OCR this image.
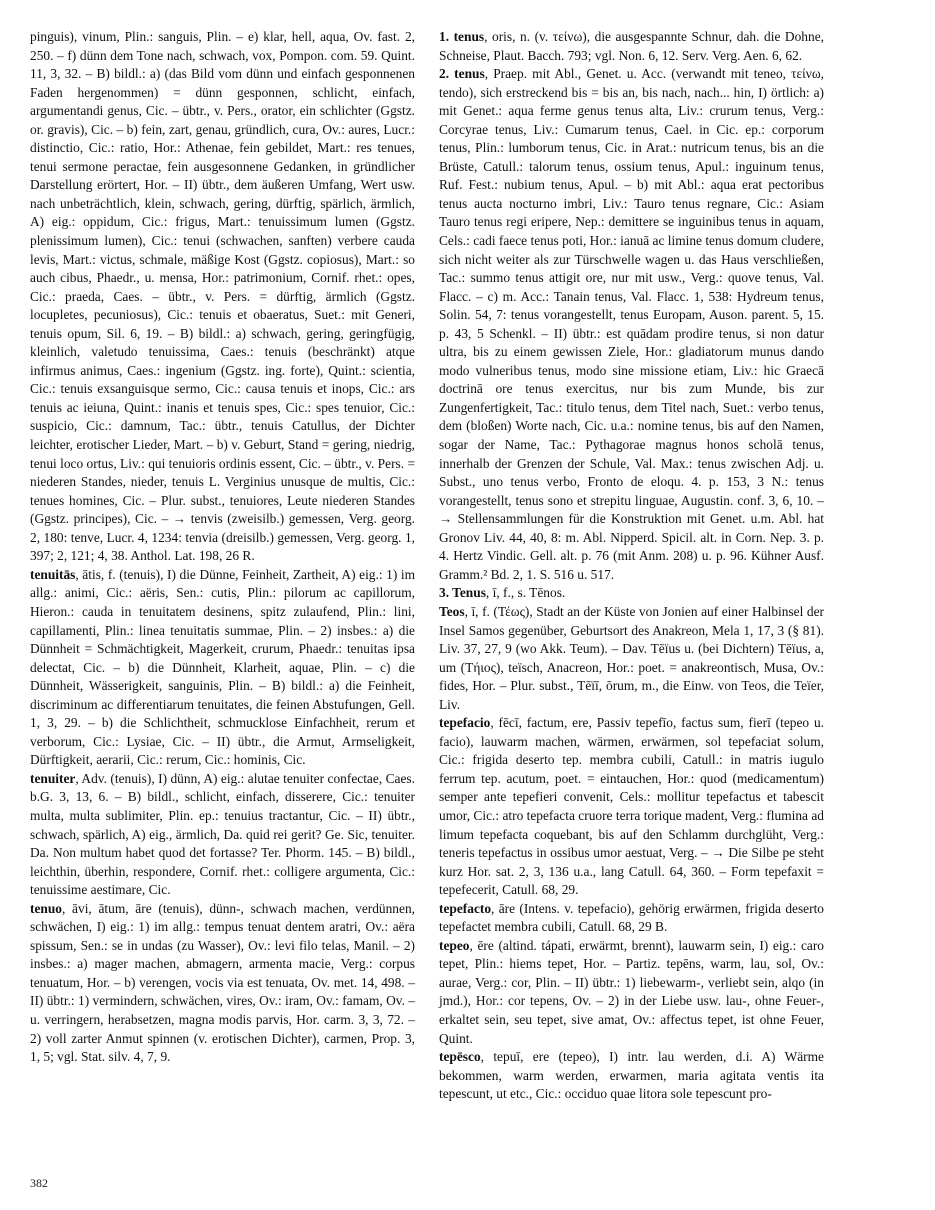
pinguis), vinum, Plin.: sanguis, Plin. – e) klar, hell, aqua, Ov. fast. 2, 250. – f) dünn dem Tone nach, schwach, vox, Pompon. com. 59. Quint. 11, 3, 32. – B) bildl.: a) (das Bild vom dünn und einfach gesponnenen Faden hergenommen) = dünn gesponnen, schlicht, einfach, argumentandi genus, Cic. – übtr., v. Pers., orator, ein schlichter (Ggstz. or. gravis), Cic. – b) fein, zart, genau, gründlich, cura, Ov.: aures, Lucr.: distinctio, Cic.: ratio, Hor.: Athenae, fein gebildet, Mart.: res tenues, tenui sermone peractae, fein ausgesonnene Gedanken, in gründlicher Darstellung erörtert, Hor. – II) übtr., dem äußeren Umfang, Wert usw. nach unbeträchtlich, klein, schwach, gering, dürftig, spärlich, ärmlich, A) eig.: oppidum, Cic.: frigus, Mart.: tenuissimum lumen (Ggstz. plenissimum lumen), Cic.: tenui (schwachen, sanften) verbere cauda levis, Mart.: victus, schmale, mäßige Kost (Ggstz. copiosus), Mart.: so auch cibus, Phaedr., u. mensa, Hor.: patrimonium, Cornif. rhet.: opes, Cic.: praeda, Caes. – übtr., v. Pers. = dürftig, ärmlich (Ggstz. locupletes, pecuniosus), Cic.: tenuis et obaeratus, Suet.: mit Generi, tenuis opum, Sil. 6, 19. – B) bildl.: a) schwach, gering, geringfügig, kleinlich, valetudo tenuissima, Caes.: tenuis (beschränkt) atque infirmus animus, Caes.: ingenium (Ggstz. ing. forte), Quint.: scientia, Cic.: tenuis exsanguisque sermo, Cic.: causa tenuis et inops, Cic.: ars tenuis ac ieiuna, Quint.: inanis et tenuis spes, Cic.: spes tenuior, Cic.: suspicio, Cic.: damnum, Tac.: übtr., tenuis Catullus, der Dichter leichter, erotischer Lieder, Mart. – b) v. Geburt, Stand = gering, niedrig, tenui loco ortus, Liv.: qui tenuioris ordinis essent, Cic. – übtr., v. Pers. = niederen Standes, nieder, tenuis L. Verginius unusque de multis, Cic.: tenues homines, Cic. – Plur. subst., tenuiores, Leute niederen Standes (Ggstz. principes), Cic. – → tenvis (zweisilb.) gemessen, Verg. georg. 2, 180: tenve, Lucr. 4, 1234: tenvia (dreisilb.) gemessen, Verg. georg. 1, 397; 2, 121; 4, 38. Anthol. Lat. 198, 26 R.

tenuitās, ātis, f. (tenuis), I) die Dünne, Feinheit, Zartheit, A) eig.: 1) im allg.: animi, Cic.: aëris, Sen.: cutis, Plin.: pilorum ac capillorum, Hieron.: cauda in tenuitatem desinens, spitz zulaufend, Plin.: lini, capillamenti, Plin.: linea tenuitatis summae, Plin. – 2) insbes.: a) die Dünnheit = Schmächtigkeit, Magerkeit, crurum, Phaedr.: tenuitas ipsa delectat, Cic. – b) die Dünnheit, Klarheit, aquae, Plin. – c) die Dünnheit, Wässerigkeit, sanguinis, Plin. – B) bildl.: a) die Feinheit, discriminum ac differentiarum tenuitates, die feinen Abstufungen, Gell. 1, 3, 29. – b) die Schlichtheit, schmucklose Einfachheit, rerum et verborum, Cic.: Lysiae, Cic. – II) übtr., die Armut, Armseligkeit, Dürftigkeit, aerarii, Cic.: rerum, Cic.: hominis, Cic.

tenuiter, Adv. (tenuis), I) dünn, A) eig.: alutae tenuiter confectae, Caes. b.G. 3, 13, 6. – B) bildl., schlicht, einfach, disserere, Cic.: tenuiter multa, multa sublimiter, Plin. ep.: tenuius tractantur, Cic. – II) übtr., schwach, spärlich, A) eig., ärmlich, Da. quid rei gerit? Ge. Sic, tenuiter. Da. Non multum habet quod det fortasse? Ter. Phorm. 145. – B) bildl., leichthin, überhin, respondere, Cornif. rhet.: colligere argumenta, Cic.: tenuissime aestimare, Cic.

tenuo, āvi, ātum, āre (tenuis), dünn-, schwach machen, verdünnen, schwächen, I) eig.: 1) im allg.: tempus tenuat dentem aratri, Ov.: aëra spissum, Sen.: se in undas (zu Wasser), Ov.: levi filo telas, Manil. – 2) insbes.: a) mager machen, abmagern, armenta macie, Verg.: corpus tenuatum, Hor. – b) verengen, vocis via est tenuata, Ov. met. 14, 498. – II) übtr.: 1) vermindern, schwächen, vires, Ov.: iram, Ov.: famam, Ov. – u. verringern, herabsetzen, magna modis parvis, Hor. carm. 3, 3, 72. – 2) voll zarter Anmut spinnen (v. erotischen Dichter), carmen, Prop. 3, 1, 5; vgl. Stat. silv. 4, 7, 9.

1. tenus, oris, n. (v. τείνω), die ausgespannte Schnur, dah. die Dohne, Schneise, Plaut. Bacch. 793; vgl. Non. 6, 12. Serv. Verg. Aen. 6, 62.

2. tenus, Praep. mit Abl., Genet. u. Acc. (verwandt mit teneo, τείνω, tendo), sich erstreckend bis = bis an, bis nach, nach... hin, I) örtlich: a) mit Genet.: aqua ferme genus tenus alta, Liv.: crurum tenus, Verg.: Corcyrae tenus, Liv.: Cumarum tenus, Cael. in Cic. ep.: corporum tenus, Plin.: lumborum tenus, Cic. in Arat.: nutricum tenus, bis an die Brüste, Catull.: talorum tenus, ossium tenus, Apul.: inguinum tenus, Ruf. Fest.: nubium tenus, Apul. – b) mit Abl.: aqua erat pectoribus tenus aucta nocturno imbri, Liv.: Tauro tenus regnare, Cic.: Asiam Tauro tenus regi eripere, Nep.: demittere se inguinibus tenus in aquam, Cels.: cadi faece tenus poti, Hor.: ianuā ac limine tenus domum cludere, sich nicht weiter als zur Türschwelle wagen u. das Haus verschließen, Tac.: summo tenus attigit ore, nur mit usw., Verg.: quove tenus, Val. Flacc. – c) m. Acc.: Tanain tenus, Val. Flacc. 1, 538: Hydreum tenus, Solin. 54, 7: tenus vorangestellt, tenus Europam, Auson. parent. 5, 15. p. 43, 5 Schenkl. – II) übtr.: est quādam prodire tenus, si non datur ultra, bis zu einem gewissen Ziele, Hor.: gladiatorum munus dando modo vulneribus tenus, modo sine missione etiam, Liv.: hic Graecā doctrinā ore tenus exercitus, nur bis zum Munde, bis zur Zungenfertigkeit, Tac.: titulo tenus, dem Titel nach, Suet.: verbo tenus, dem (bloßen) Worte nach, Cic. u.a.: nomine tenus, bis auf den Namen, sogar der Name, Tac.: Pythagorae magnus honos scholā tenus, innerhalb der Grenzen der Schule, Val. Max.: tenus zwischen Adj. u. Subst., uno tenus verbo, Fronto de eloqu. 4. p. 153, 3 N.: tenus vorangestellt, tenus sono et strepitu linguae, Augustin. conf. 3, 6, 10. – → Stellensammlungen für die Konstruktion mit Genet. u.m. Abl. hat Gronov Liv. 44, 40, 8: m. Abl. Nipperd. Spicil. alt. in Corn. Nep. 3. p. 4. Hertz Vindic. Gell. alt. p. 76 (mit Anm. 208) u. p. 96. Kühner Ausf. Gramm.² Bd. 2, 1. S. 516 u. 517.

3. Tenus, ī, f., s. Tēnos.

Teos, ī, f. (Τέως), Stadt an der Küste von Jonien auf einer Halbinsel der Insel Samos gegenüber, Geburtsort des Anakreon, Mela 1, 17, 3 (§ 81). Liv. 37, 27, 9 (wo Akk. Teum). – Dav. Tēïus u. (bei Dichtern) Tēïus, a, um (Τήιος), teïsch, Anacreon, Hor.: poet. = anakreontisch, Musa, Ov.: fides, Hor. – Plur. subst., Tēïī, ōrum, m., die Einw. von Teos, die Teïer, Liv.

tepefacio, fēcī, factum, ere, Passiv tepefīo, factus sum, fierī (tepeo u. facio), lauwarm machen, wärmen, erwärmen, sol tepefaciat solum, Cic.: frigida deserto tep. membra cubili, Catull.: in matris iugulo ferrum tep. acutum, poet. = eintauchen, Hor.: quod (medicamentum) semper ante tepefieri convenit, Cels.: mollitur tepefactus et tabescit umor, Cic.: atro tepefacta cruore terra torique madent, Verg.: flumina ad limum tepefacta coquebant, bis auf den Schlamm durchglüht, Verg.: teneris tepefactus in ossibus umor aestuat, Verg. – → Die Silbe pe steht kurz Hor. sat. 2, 3, 136 u.a., lang Catull. 64, 360. – Form tepefaxit = tepefecerit, Catull. 68, 29.

tepefacto, āre (Intens. v. tepefacio), gehörig erwärmen, frigida deserto tepefactet membra cubili, Catull. 68, 29 B.

tepeo, ēre (altind. tápati, erwärmt, brennt), lauwarm sein, I) eig.: caro tepet, Plin.: hiems tepet, Hor. – Partiz. tepēns, warm, lau, sol, Ov.: aurae, Verg.: cor, Plin. – II) übtr.: 1) liebewarm-, verliebt sein, alqo (in jmd.), Hor.: cor tepens, Ov. – 2) in der Liebe usw. lau-, ohne Feuer-, erkaltet sein, seu tepet, sive amat, Ov.: affectus tepet, ist ohne Feuer, Quint.

tepēsco, tepuī, ere (tepeo), I) intr. lau werden, d.i. A) Wärme bekommen, warm werden, erwarmen, maria agitata ventis ita tepescunt, ut etc., Cic.: occiduo quae litora sole tepescunt pro-

382
